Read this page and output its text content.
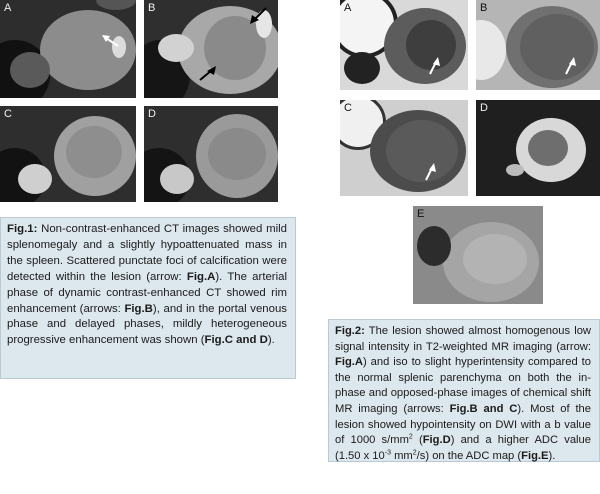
A	B
C	D
Fig.1: Non-contrast-enhanced CT images showed mild splenomegaly and a slightly hypoattenuated mass in the spleen. Scattered punctate foci of calcification were detected within the lesion (arrow: Fig.A). The arterial phase of dynamic contrast-enhanced CT showed rim enhancement (arrows: Fig.B), and in the portal venous phase and delayed phases, mildly heterogeneous progressive enhancement was shown (Fig.C and D).
A	B
C	D
E
Fig.2: The lesion showed almost homogenous low signal intensity in T2-weighted MR imaging (arrow: Fig.A) and iso to slight hyperintensity compared to the normal splenic parenchyma on both the in-phase and opposed-phase images of chemical shift MR imaging (arrows: Fig.B and C). Most of the lesion showed hypointensity on DWI with a b value of 1000 $s/mm^2$ (Fig.D) and a higher ADC value (1.50 x $10^{-3}$ $mm^2/s$) on the ADC map (Fig.E).
